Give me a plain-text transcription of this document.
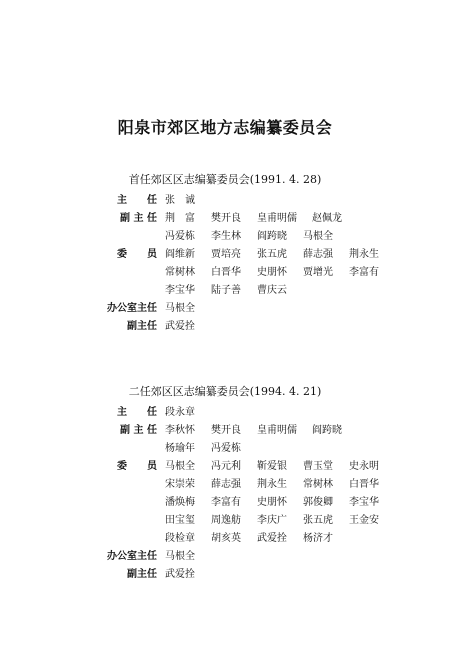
阳泉市郊区地方志编纂委员会
首任郊区区志编纂委员会(1991. 4. 28)
主　　任 张　诚
副 主 任 荆　富	樊开良	皇甫明儒	赵佩龙
冯爱栋	李生林	阎跨晓	马根全
委　　员 阎维新	贾培亮	张五虎	薛志强	荆永生
常树林	白晋华	史朋怀	贾增光	李富有
李宝华	陆子善	曹庆云
办公室主任 马根全
副主任 武爱拴
二任郊区区志编纂委员会(1994. 4. 21)
主　　任 段永章
副 主 任 李秋怀	樊开良	皇甫明儒	阎跨晓
杨瑜年	冯爱栋
委　　员 马根全	冯元利	靳爱银	曹玉堂	史永明
宋崇荣	薛志强	荆永生	常树林	白晋华
潘焕梅	李富有	史朋怀	郭俊卿	李宝华
田宝玺	周逸舫	李庆广	张五虎	王金安
段检章	胡亥英	武爱拴	杨济才
办公室主任 马根全
副主任 武爱拴
